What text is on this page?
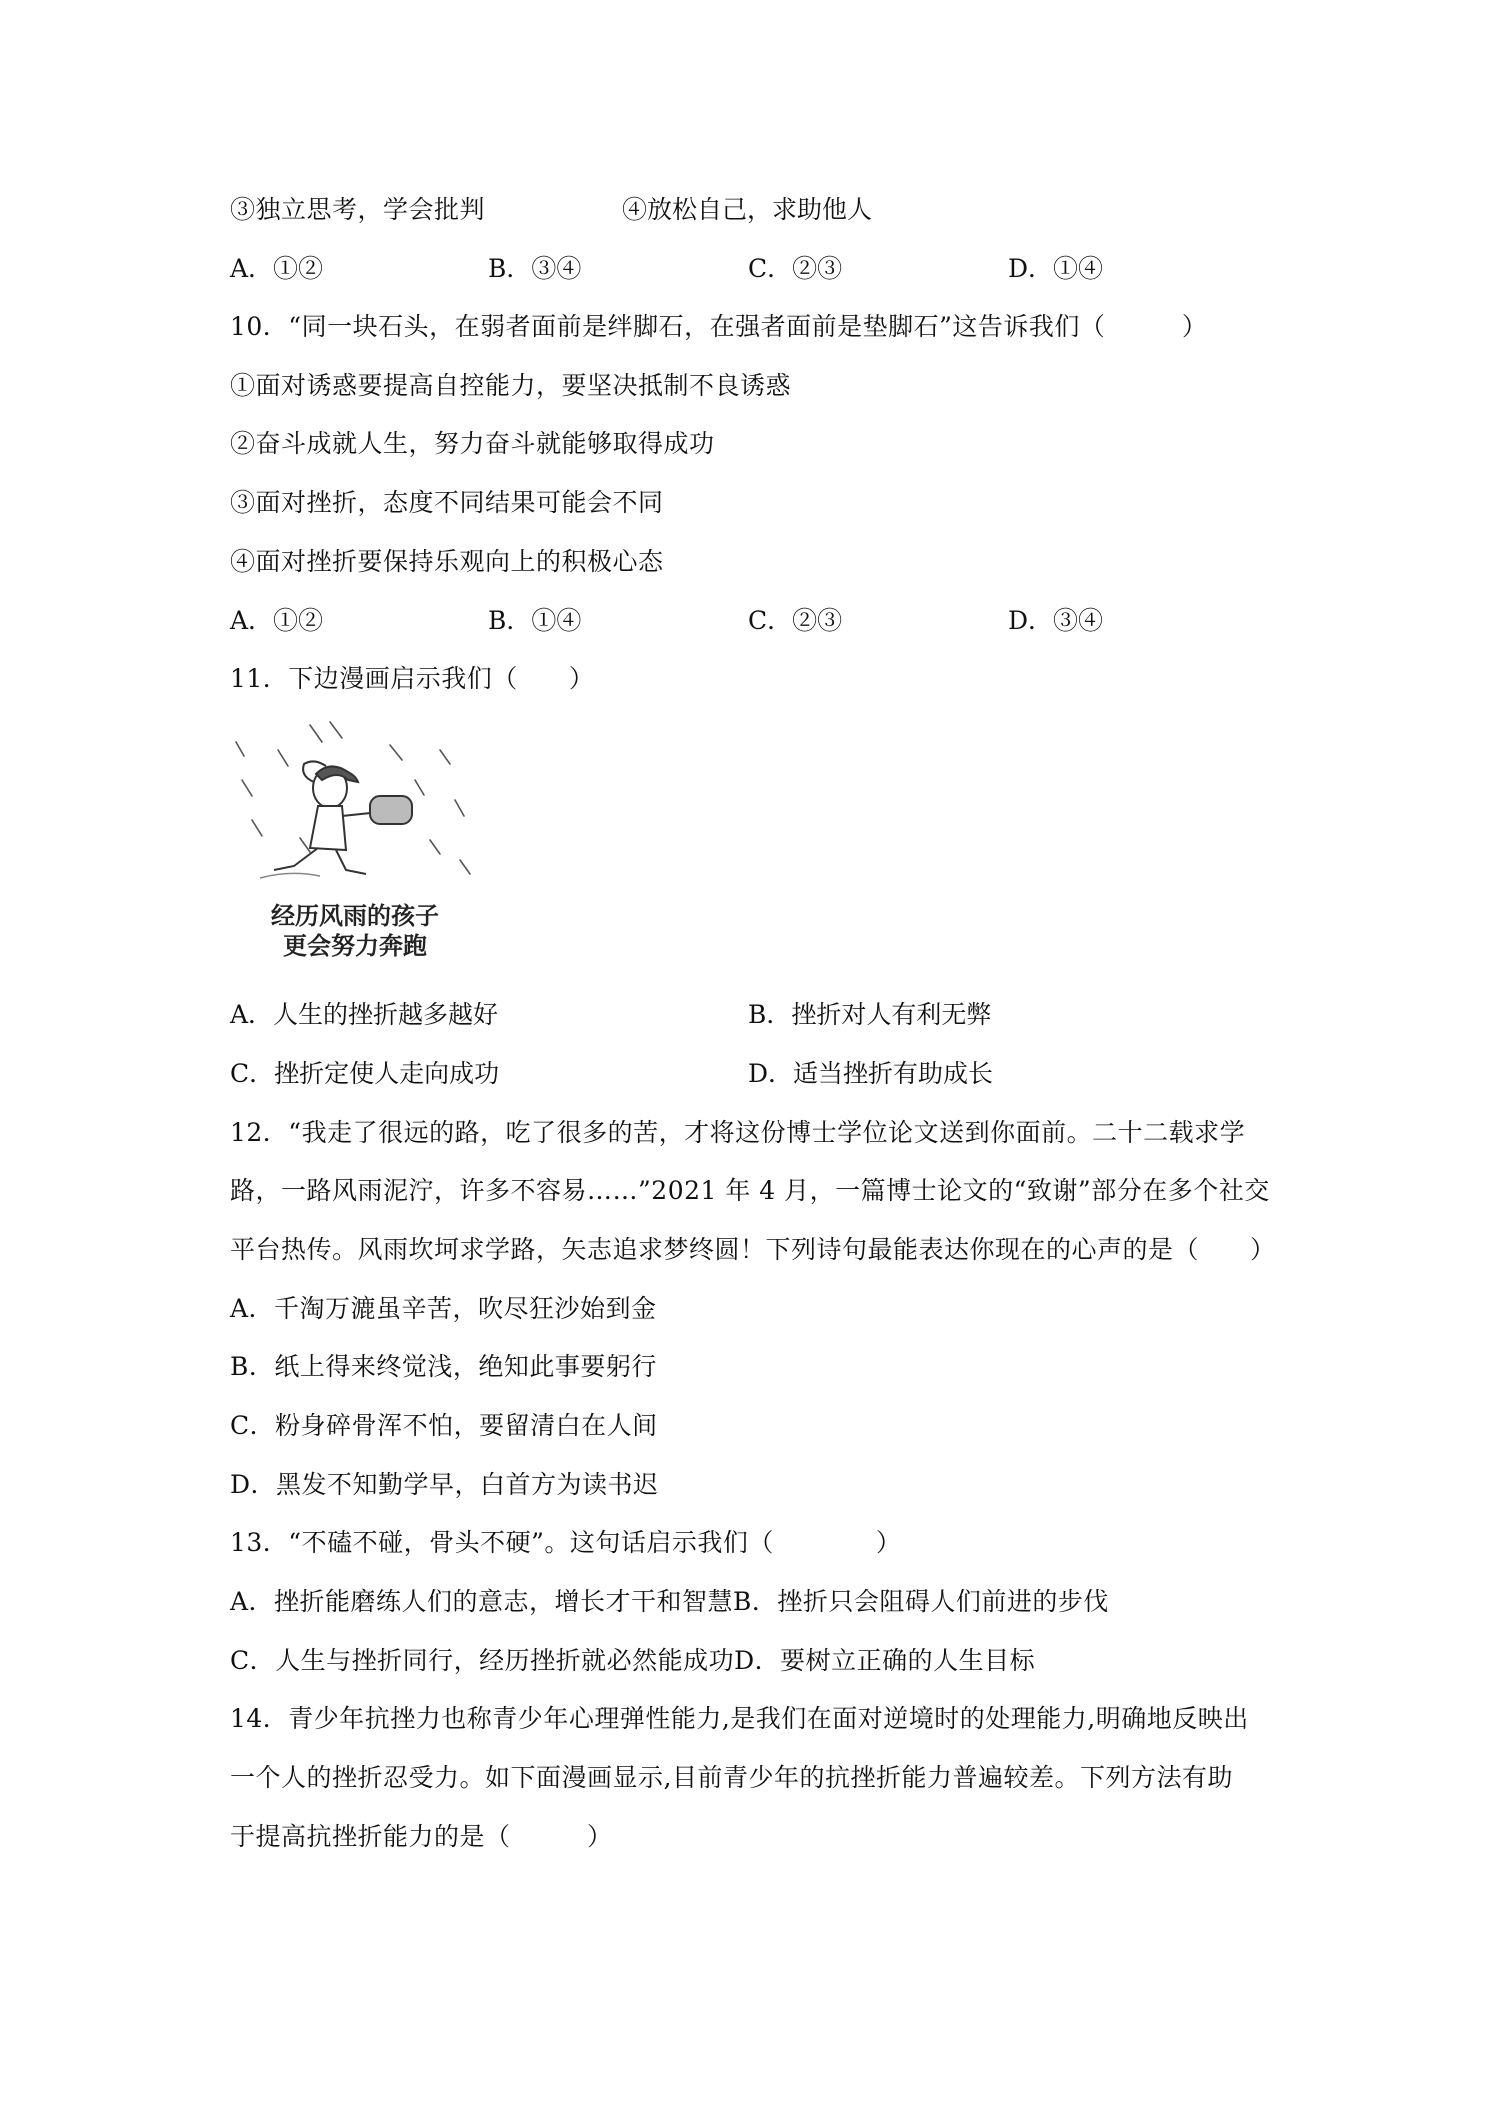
③独立思考，学会批判	④放松自己，求助他人
A．①②	B．③④	C．②③	D．①④
10．“同一块石头，在弱者面前是绊脚石，在强者面前是垫脚石”这告诉我们（　　　）
①面对诱惑要提高自控能力，要坚决抵制不良诱惑
②奋斗成就人生，努力奋斗就能够取得成功
③面对挫折，态度不同结果可能会不同
④面对挫折要保持乐观向上的积极心态
A．①②	B．①④	C．②③	D．③④
11．下边漫画启示我们（　　）
经历风雨的孩子
更会努力奔跑
A．人生的挫折越多越好	B．挫折对人有利无弊
C．挫折定使人走向成功	D．适当挫折有助成长
12．“我走了很远的路，吃了很多的苦，才将这份博士学位论文送到你面前。二十二载求学
路，一路风雨泥泞，许多不容易……”2021 年 4 月，一篇博士论文的“致谢”部分在多个社交
平台热传。风雨坎坷求学路，矢志追求梦终圆！下列诗句最能表达你现在的心声的是（　　）
A．千淘万漉虽辛苦，吹尽狂沙始到金
B．纸上得来终觉浅，绝知此事要躬行
C．粉身碎骨浑不怕，要留清白在人间
D．黑发不知勤学早，白首方为读书迟
13．“不磕不碰，骨头不硬”。这句话启示我们（　　　　）
A．挫折能磨练人们的意志，增长才干和智慧B．挫折只会阻碍人们前进的步伐
C．人生与挫折同行，经历挫折就必然能成功D．要树立正确的人生目标
14．青少年抗挫力也称青少年心理弹性能力,是我们在面对逆境时的处理能力,明确地反映出
一个人的挫折忍受力。如下面漫画显示,目前青少年的抗挫折能力普遍较差。下列方法有助
于提高抗挫折能力的是（　　　）
